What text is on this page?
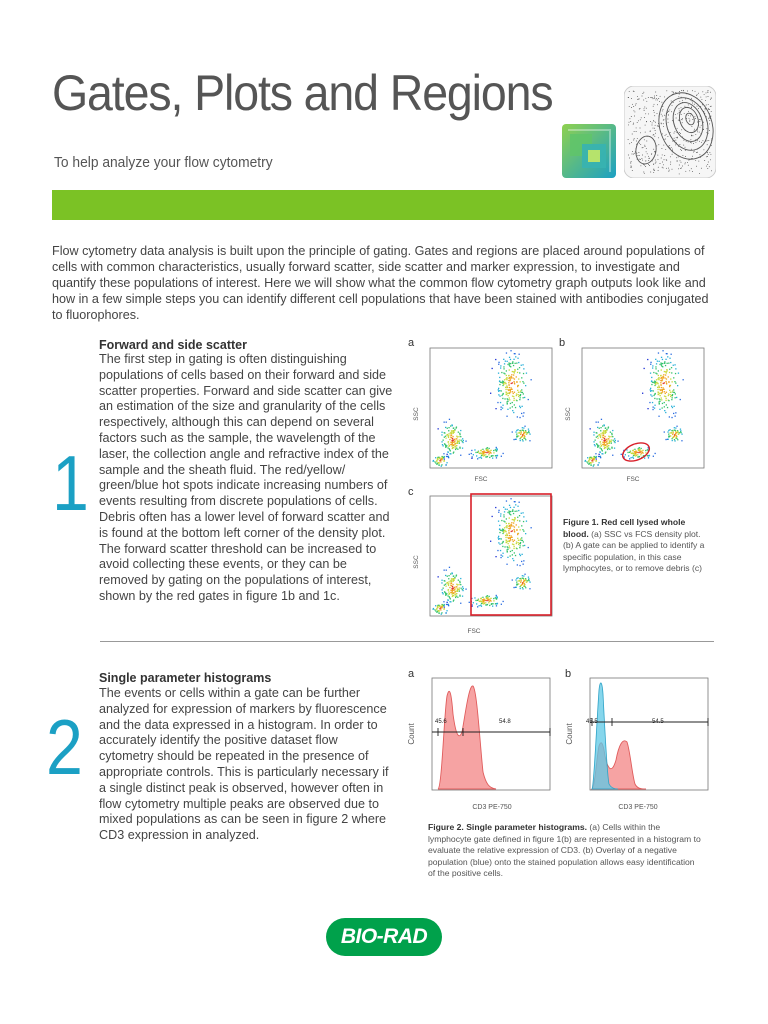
Gates, Plots and Regions
To help analyze your flow cytometry

Flow cytometry data analysis is built upon the principle of gating. Gates and regions are placed around populations of cells with common characteristics, usually forward scatter, side scatter and marker expression, to investigate and quantify these populations of interest. Here we will show what the common flow cytometry graph outputs look like and how in a few simple steps you can identify different cell populations that have been stained with antibodies conjugated to fluorophores.

1
Forward and side scatter

The first step in gating is often distinguishing populations of cells based on their forward and side scatter properties. Forward and side scatter can give an estimation of the size and granularity of the cells respectively, although this can depend on several factors such as the sample, the wavelength of the laser, the collection angle and refractive index of the sample and the sheath fluid. The red/yellow/ green/blue hot spots indicate increasing numbers of events resulting from discrete populations of cells. Debris often has a lower level of forward scatter and is found at the bottom left corner of the density plot. The forward scatter threshold can be increased to avoid collecting these events, or they can be removed by gating on the populations of interest, shown by the red gates in figure 1b and 1c.

a
SSC
FSC
b
SSC
FSC
c
SSC
FSC

Figure 1. Red cell lysed whole blood. (a) SSC vs FCS density plot. (b) A gate can be applied to identify a specific population, in this case lymphocytes, or to remove debris (c)

2
Single parameter histograms

The events or cells within a gate can be further analyzed for expression of markers by fluorescence and the data expressed in a histogram. In order to accurately identify the positive dataset flow cytometry should be repeated in the presence of appropriate controls. This is particularly necessary if a single distinct peak is observed, however often in flow cytometry multiple peaks are observed due to mixed populations as can be seen in figure 2 where CD3 expression in analyzed.

a
45.6	54.8
Count
CD3 PE-750
b
45.5	54.5
Count
CD3 PE-750

Figure 2. Single parameter histograms. (a) Cells within the lymphocyte gate defined in figure 1(b) are represented in a histogram to evaluate the relative expression of CD3. (b) Overlay of a negative population (blue) onto the stained population allows easy identification of the positive cells.

BIO-RAD
